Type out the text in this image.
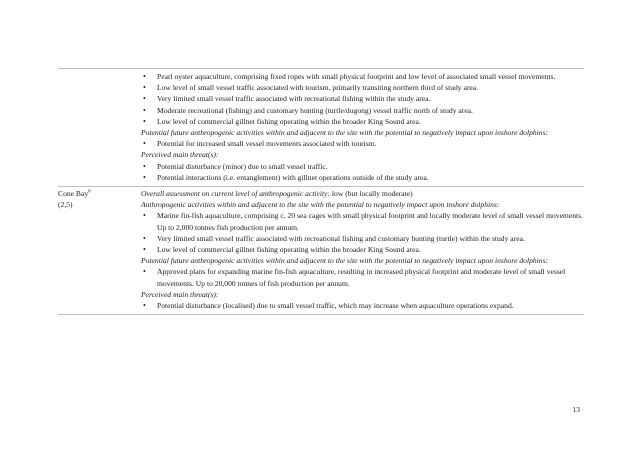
• Pearl oyster aquaculture, comprising fixed ropes with small physical footprint and low level of associated small vessel movements.
• Low level of small vessel traffic associated with tourism, primarily transiting northern third of study area.
• Very limited small vessel traffic associated with recreational fishing within the study area.
• Moderate recreational (fishing) and customary hunting (turtle/dugong) vessel traffic north of study area.
• Low level of commercial gillnet fishing operating within the broader King Sound area.
Potential future anthropogenic activities within and adjacent to the site with the potential to negatively impact upon inshore dolphins:
• Potential for increased small vessel movements associated with tourism.
Perceived main threat(s):
• Potential disturbance (minor) due to small vessel traffic.
• Potential interactions (i.e. entanglement) with gillnet operations outside of the study area.
Cone Bay$^6$
(2,5)
Overall assessment on current level of anthropogenic activity: low (but locally moderate)
Anthropogenic activities within and adjacent to the site with the potential to negatively impact upon inshore dolphins:
• Marine fin-fish aquaculture, comprising c. 20 sea cages with small physical footprint and locally moderate level of small vessel movements. Up to 2,000 tonnes fish production per annum.
• Very limited small vessel traffic associated with recreational fishing and customary hunting (turtle) within the study area.
• Low level of commercial gillnet fishing operating within the broader King Sound area.
Potential future anthropogenic activities within and adjacent to the site with the potential to negatively impact upon inshore dolphins:
• Approved plans for expanding marine fin-fish aquaculture, resulting in increased physical footprint and moderate level of small vessel movements. Up to 20,000 tonnes of fish production per annum.
Perceived main threat(s):
• Potential disturbance (localised) due to small vessel traffic, which may increase when aquaculture operations expand.
13
